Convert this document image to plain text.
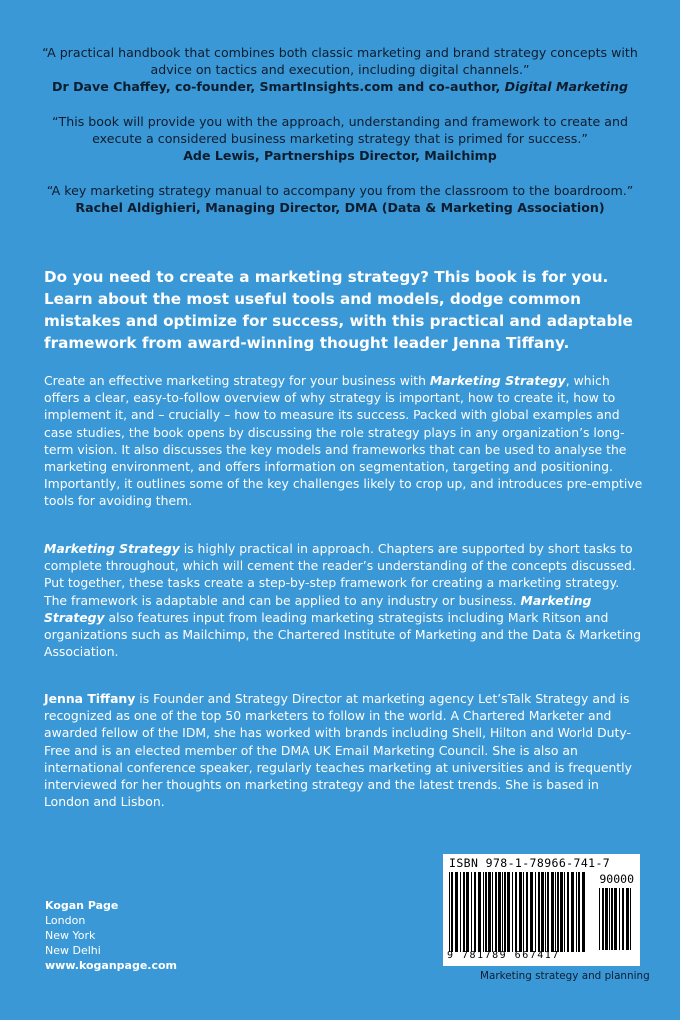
“A practical handbook that combines both classic marketing and brand strategy concepts with advice on tactics and execution, including digital channels.”

Dr Dave Chaffey, co-founder, SmartInsights.com and co-author, Digital Marketing

“This book will provide you with the approach, understanding and framework to create and execute a considered business marketing strategy that is primed for success.”

Ade Lewis, Partnerships Director, Mailchimp

“A key marketing strategy manual to accompany you from the classroom to the boardroom.”

Rachel Aldighieri, Managing Director, DMA (Data & Marketing Association)

Do you need to create a marketing strategy? This book is for you. Learn about the most useful tools and models, dodge common mistakes and optimize for success, with this practical and adaptable framework from award-winning thought leader Jenna Tiffany.

Create an effective marketing strategy for your business with Marketing Strategy, which offers a clear, easy-to-follow overview of why strategy is important, how to create it, how to implement it, and – crucially – how to measure its success. Packed with global examples and case studies, the book opens by discussing the role strategy plays in any organization’s long-term vision. It also discusses the key models and frameworks that can be used to analyse the marketing environment, and offers information on segmentation, targeting and positioning. Importantly, it outlines some of the key challenges likely to crop up, and introduces pre-emptive tools for avoiding them.

Marketing Strategy is highly practical in approach. Chapters are supported by short tasks to complete throughout, which will cement the reader’s understanding of the concepts discussed. Put together, these tasks create a step-by-step framework for creating a marketing strategy. The framework is adaptable and can be applied to any industry or business. Marketing Strategy also features input from leading marketing strategists including Mark Ritson and organizations such as Mailchimp, the Chartered Institute of Marketing and the Data & Marketing Association.

Jenna Tiffany is Founder and Strategy Director at marketing agency Let’sTalk Strategy and is recognized as one of the top 50 marketers to follow in the world. A Chartered Marketer and awarded fellow of the IDM, she has worked with brands including Shell, Hilton and World Duty-Free and is an elected member of the DMA UK Email Marketing Council. She is also an international conference speaker, regularly teaches marketing at universities and is frequently interviewed for her thoughts on marketing strategy and the latest trends. She is based in London and Lisbon.

Kogan Page
London
New York
New Delhi
www.koganpage.com
ISBN 978-1-78966-741-7
90000
9 781789 667417
Marketing strategy and planning
